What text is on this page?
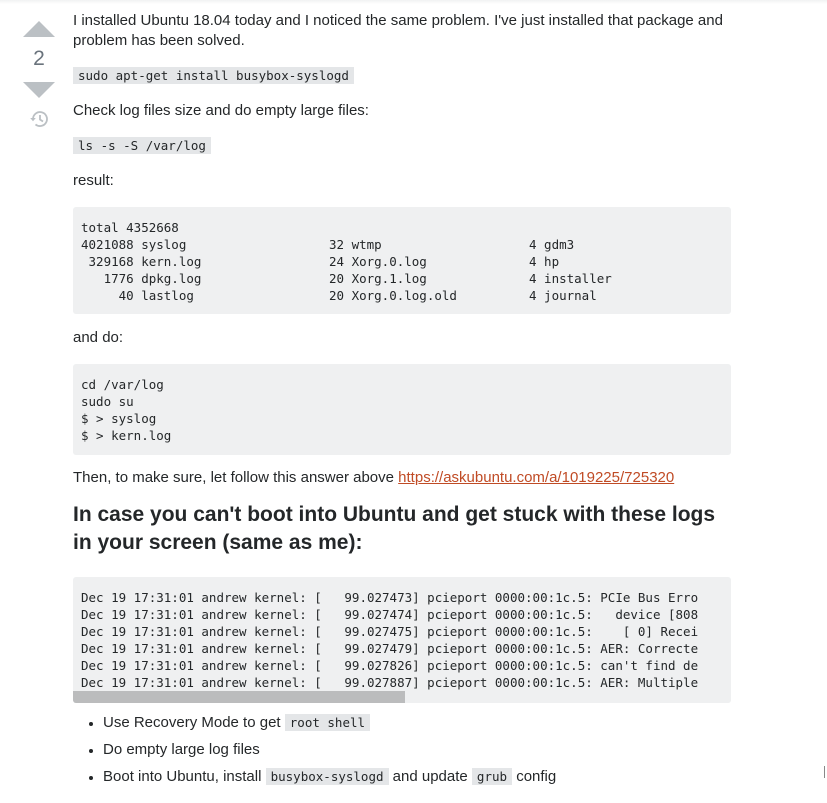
2

I installed Ubuntu 18.04 today and I noticed the same problem. I've just installed that package and problem has been solved.

sudo apt-get install busybox-syslogd

Check log files size and do empty large files:

ls -s -S /var/log

result:

total 4352668
4021088 syslog	32 wtmp	4 gdm3
329168 kern.log	24 Xorg.0.log	4 hp
1776 dpkg.log	20 Xorg.1.log	4 installer
40 lastlog	20 Xorg.0.log.old	4 journal

and do:

cd /var/log
sudo su
$ > syslog
$ > kern.log

Then, to make sure, let follow this answer above https://askubuntu.com/a/1019225/725320

In case you can't boot into Ubuntu and get stuck with these logs in your screen (same as me):
Dec 19 17:31:01 andrew kernel: [   99.027473] pcieport 0000:00:1c.5: PCIe Bus Erro
Dec 19 17:31:01 andrew kernel: [   99.027474] pcieport 0000:00:1c.5:   device [808
Dec 19 17:31:01 andrew kernel: [   99.027475] pcieport 0000:00:1c.5:    [ 0] Recei
Dec 19 17:31:01 andrew kernel: [   99.027479] pcieport 0000:00:1c.5: AER: Correcte
Dec 19 17:31:01 andrew kernel: [   99.027826] pcieport 0000:00:1c.5: can't find de
Dec 19 17:31:01 andrew kernel: [   99.027887] pcieport 0000:00:1c.5: AER: Multiple
• Use Recovery Mode to get root shell
• Do empty large log files
• Boot into Ubuntu, install busybox-syslogd and update grub config
